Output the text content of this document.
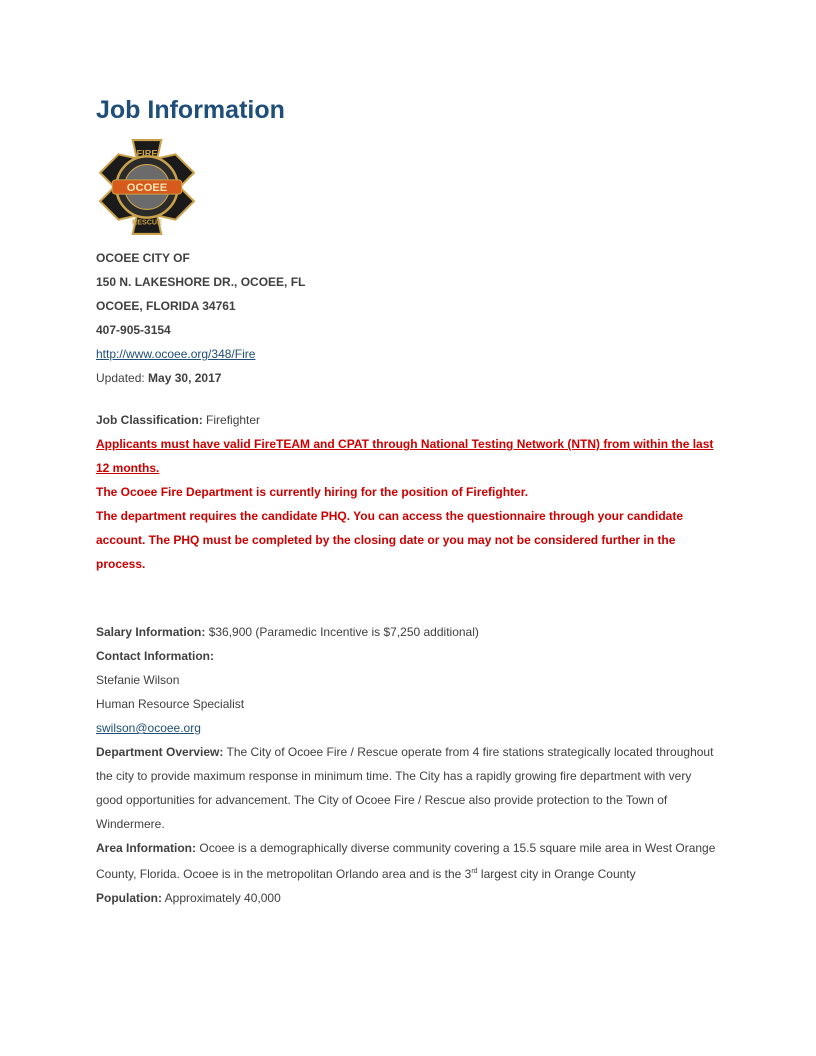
Job Information
FIRE
OCOEE
RESCUE
OCOEE CITY OF
150 N. LAKESHORE DR., OCOEE, FL
OCOEE, FLORIDA 34761
407-905-3154
http://www.ocoee.org/348/Fire
Updated: May 30, 2017
Job Classification: Firefighter
Applicants must have valid FireTEAM and CPAT through National Testing Network (NTN) from within the last
12 months.
The Ocoee Fire Department is currently hiring for the position of Firefighter.
The department requires the candidate PHQ. You can access the questionnaire through your candidate
account. The PHQ must be completed by the closing date or you may not be considered further in the
process.
Salary Information: $36,900 (Paramedic Incentive is $7,250 additional)
Contact Information:
Stefanie Wilson
Human Resource Specialist
swilson@ocoee.org
Department Overview: The City of Ocoee Fire / Rescue operate from 4 fire stations strategically located throughout
the city to provide maximum response in minimum time. The City has a rapidly growing fire department with very
good opportunities for advancement. The City of Ocoee Fire / Rescue also provide protection to the Town of
Windermere.
Area Information: Ocoee is a demographically diverse community covering a 15.5 square mile area in West Orange
County, Florida. Ocoee is in the metropolitan Orlando area and is the 3rd largest city in Orange County
Population: Approximately 40,000
